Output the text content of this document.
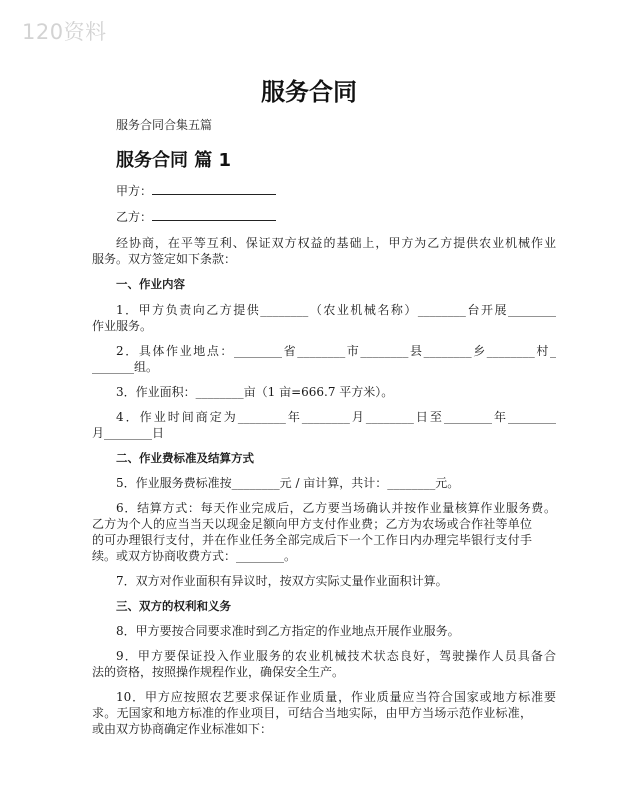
120资料
服务合同
服务合同合集五篇
服务合同 篇 1
甲方：
乙方：
经协商，在平等互利、保证双方权益的基础上，甲方为乙方提供农业机械作业
服务。双方签定如下条款：
一、作业内容
1．甲方负责向乙方提供________（农业机械名称）________台开展________
作业服务。
2．具体作业地点：________省________市________县________乡________村_
_______组。
3．作业面积：________亩（1 亩=666.7 平方米）。
4．作业时间商定为________年________月________日至________年________
月________日
二、作业费标准及结算方式
5．作业服务费标准按________元 / 亩计算，共计：________元。
6．结算方式：每天作业完成后，乙方要当场确认并按作业量核算作业服务费。
乙方为个人的应当当天以现金足额向甲方支付作业费；乙方为农场或合作社等单位
的可办理银行支付，并在作业任务全部完成后下一个工作日内办理完毕银行支付手
续。或双方协商收费方式：________。
7．双方对作业面积有异议时，按双方实际丈量作业面积计算。
三、双方的权利和义务
8．甲方要按合同要求准时到乙方指定的作业地点开展作业服务。
9．甲方要保证投入作业服务的农业机械技术状态良好，驾驶操作人员具备合
法的资格，按照操作规程作业，确保安全生产。
10．甲方应按照农艺要求保证作业质量，作业质量应当符合国家或地方标准要
求。无国家和地方标准的作业项目，可结合当地实际，由甲方当场示范作业标准，
或由双方协商确定作业标准如下：
